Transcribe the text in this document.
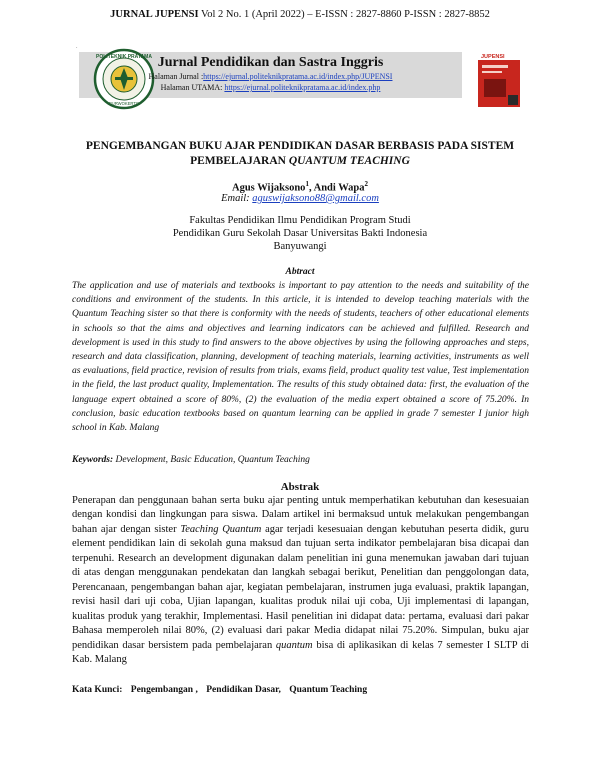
JURNAL JUPENSI Vol 2 No. 1 (April 2022) – E-ISSN : 2827-8860 P-ISSN : 2827-8852
.
POLITEKNIK PRATAMA
PURWOKERTO
Jurnal Pendidikan dan Sastra Inggris
Halaman Jurnal :https://ejurnal.politeknikpratama.ac.id/index.php/JUPENSI
Halaman UTAMA: https://ejurnal.politeknikpratama.ac.id/index.php
JUPENSI
PENGEMBANGAN BUKU AJAR PENDIDIKAN DASAR BERBASIS PADA SISTEM
PEMBELAJARAN QUANTUM TEACHING
Agus Wijaksono$^1$, Andi Wapa$^2$
Email: aguswijaksono88@gmail.com
Fakultas Pendidikan Ilmu Pendidikan Program Studi
Pendidikan Guru Sekolah Dasar Universitas Bakti Indonesia
Banyuwangi
Abtract

The application and use of materials and textbooks is important to pay attention to the needs and suitability of the conditions and environment of the students. In this article, it is intended to develop teaching materials with the Quantum Teaching sister so that there is conformity with the needs of students, teachers of other educational elements in schools so that the aims and objectives and learning indicators can be achieved and fulfilled. Research and development is used in this study to find answers to the above objectives by using the following approaches and steps, research and data classification, planning, development of teaching materials, learning activities, instruments as well as evaluations, field practice, revision of results from trials, exams field, product quality test value, Test implementation in the field, the last product quality, Implementation. The results of this study obtained data: first, the evaluation of the language expert obtained a score of 80%, (2) the evaluation of the media expert obtained a score of 75.20%. In conclusion, basic education textbooks based on quantum learning can be applied in grade 7 semester I junior high school in Kab. Malang

Keywords: Development, Basic Education, Quantum Teaching
Abstrak

Penerapan dan penggunaan bahan serta buku ajar penting untuk memperhatikan kebutuhan dan kesesuaian dengan kondisi dan lingkungan para siswa. Dalam artikel ini bermaksud untuk melakukan pengembangan bahan ajar dengan sister Teaching Quantum agar terjadi kesesuaian dengan kebutuhan peserta didik, guru element pendidikan lain di sekolah guna maksud dan tujuan serta indikator pembelajaran bisa dicapai dan terpenuhi. Research an development digunakan dalam penelitian ini guna menemukan jawaban dari tujuan di atas dengan menggunakan pendekatan dan langkah sebagai berikut, Penelitian dan penggolongan data, Perencanaan, pengembangan bahan ajar, kegiatan pembelajaran, instrumen juga evaluasi, praktik lapangan, revisi hasil dari uji coba, Ujian lapangan, kualitas produk nilai uji coba, Uji implementasi di lapangan, kualitas produk yang terakhir, Implementasi. Hasil penelitian ini didapat data: pertama, evaluasi dari pakar Bahasa memperoleh nilai 80%, (2) evaluasi dari pakar Media didapat nilai 75.20%. Simpulan, buku ajar pendidikan dasar bersistem pada pembelajaran quantum bisa di aplikasikan di kelas 7 semester I SLTP di Kab. Malang

Kata Kunci: Pengembangan , Pendidikan Dasar, Quantum Teaching
